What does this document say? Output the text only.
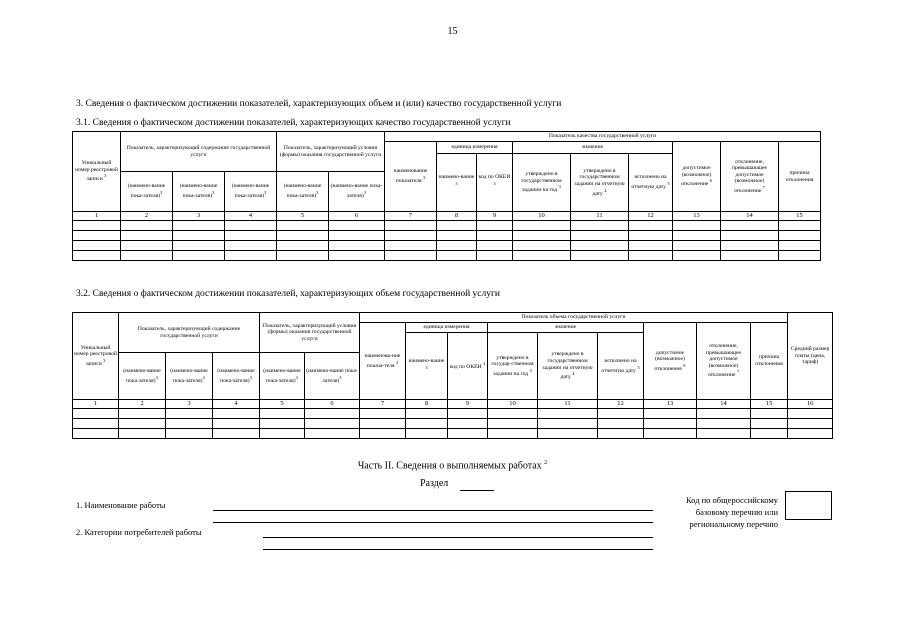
15
3. Сведения о фактическом достижении показателей, характеризующих объем и (или) качество государственной услуги
3.1. Сведения о фактическом достижении показателей, характеризующих качество государственной услуги
Уникальный номер реестровой записи $^3$	Показатель, характеризующий содержание государственной услуги			Показатель, характеризующий условия (формы) оказания государственной услуги		Показатель качества государственной услуги								
						наименование показателя $^3$	единица измерения		значение			допустимое (возможное) отклонение $^6$	отклонение, превышающее допустимое (возможное) отклонение $^7$	причина отклонения
							наимено-вание $^3$	код по ОКЕИ $^3$	утверждено в государственном задании на год $^3$	утверждено в государственном задании на отчетную дату $^4$	исполнено на отчетную дату $^5$
	(наимено-вание пока-зателя)$^3$	(наимено-вание пока-зателя)$^3$	(наимено-вание пока-зателя)$^3$	(наимено-вание пока-зателя)$^3$	(наимено-вание пока-зателя)$^3$
1	2	3	4	5	6	7	8	9	10	11	12	13	14	15

3.2. Сведения о фактическом достижении показателей, характеризующих объем государственной услуги
Уникальный номер реестровой записи $^3$	Показатель, характеризующий содержание государственной услуги			Показатель, характеризующий условия (формы) оказания государственной услуги		Показатель объема государственной услуги									Средний размер платы (цена, тариф)
						наименова-ние показа-теля $^3$	единица измерения		значение			допустимое (возможное) отклонение $^6$	отклонение, превышающее допустимое (возможное) отклонение $^7$	причина отклонения	
							наимено-вание $^3$	код по ОКЕИ $^3$	утверждено в государ-ственном задании на год $^3$	утверждено в государственном задании на отчетную дату $^4$	исполнено на отчетную дату $^5$
	(наимено-вание пока-зателя)$^3$	(наимено-вание пока-зателя)$^3$	(наимено-вание пока-зателя)$^3$	(наимено-вание пока-зателя)$^3$	(наимено-вание пока-зателя)$^3$
1	2	3	4	5	6	7	8	9	10	11	12	13	14	15	16

Часть II. Сведения о выполняемых работах $^2$
Раздел
1. Наименование работы
2. Категории потребителей работы
Код по общероссийскому
базовому перечню или
региональному перечню
